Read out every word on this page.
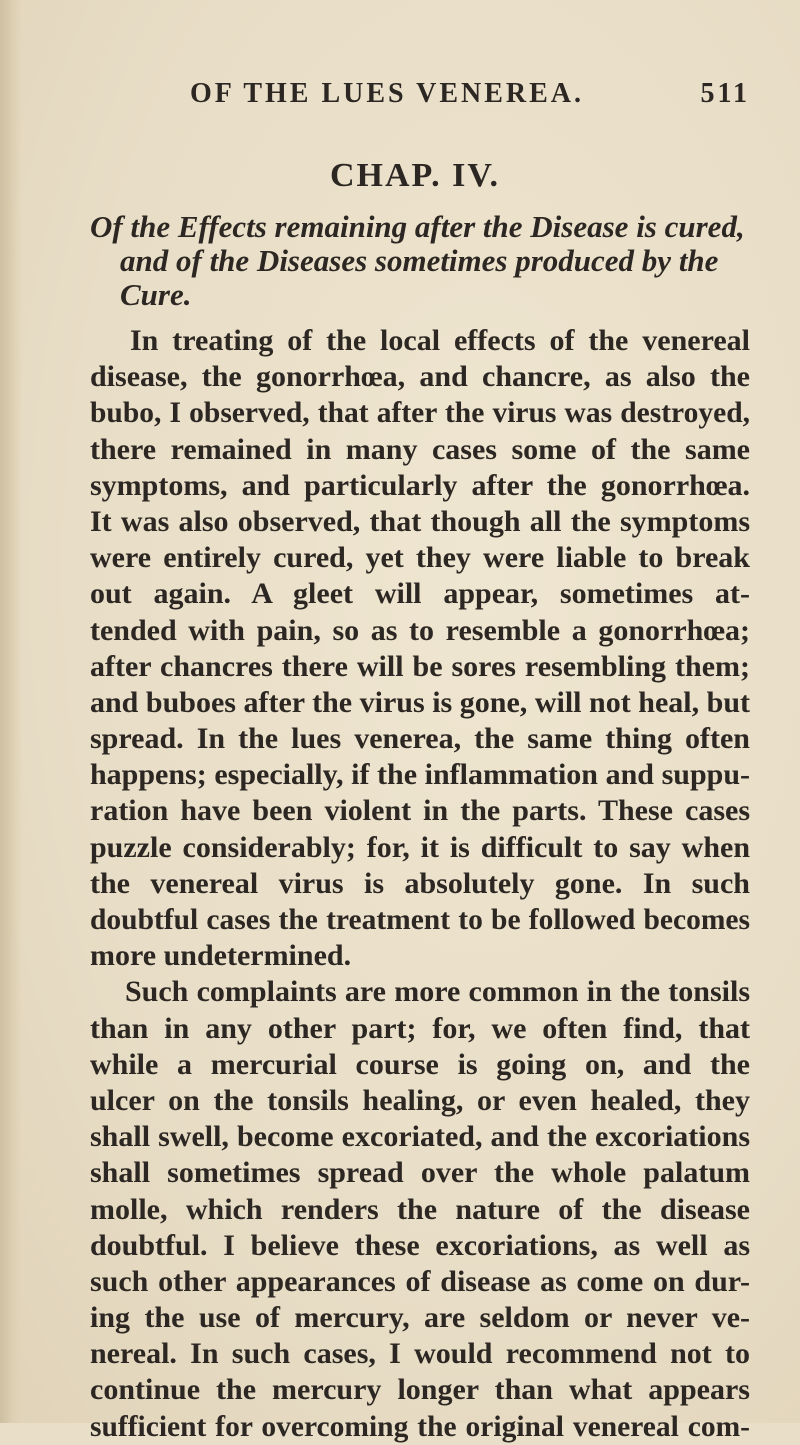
OF THE LUES VENEREA.	511
CHAP. IV.
Of the Effects remaining after the Disease is cured,
and of the Diseases sometimes produced by the
Cure.
In treating of the local effects of the venereal
disease, the gonorrhœa, and chancre, as also the
bubo, I observed, that after the virus was destroyed,
there remained in many cases some of the same
symptoms, and particularly after the gonorrhœa.
It was also observed, that though all the symptoms
were entirely cured, yet they were liable to break
out again. A gleet will appear, sometimes at-
tended with pain, so as to resemble a gonorrhœa;
after chancres there will be sores resembling them;
and buboes after the virus is gone, will not heal, but
spread. In the lues venerea, the same thing often
happens; especially, if the inflammation and suppu-
ration have been violent in the parts. These cases
puzzle considerably; for, it is difficult to say when
the venereal virus is absolutely gone. In such
doubtful cases the treatment to be followed becomes
more undetermined.
Such complaints are more common in the tonsils
than in any other part; for, we often find, that
while a mercurial course is going on, and the
ulcer on the tonsils healing, or even healed, they
shall swell, become excoriated, and the excoriations
shall sometimes spread over the whole palatum
molle, which renders the nature of the disease
doubtful. I believe these excoriations, as well as
such other appearances of disease as come on dur-
ing the use of mercury, are seldom or never ve-
nereal. In such cases, I would recommend not to
continue the mercury longer than what appears
sufficient for overcoming the original venereal com-
